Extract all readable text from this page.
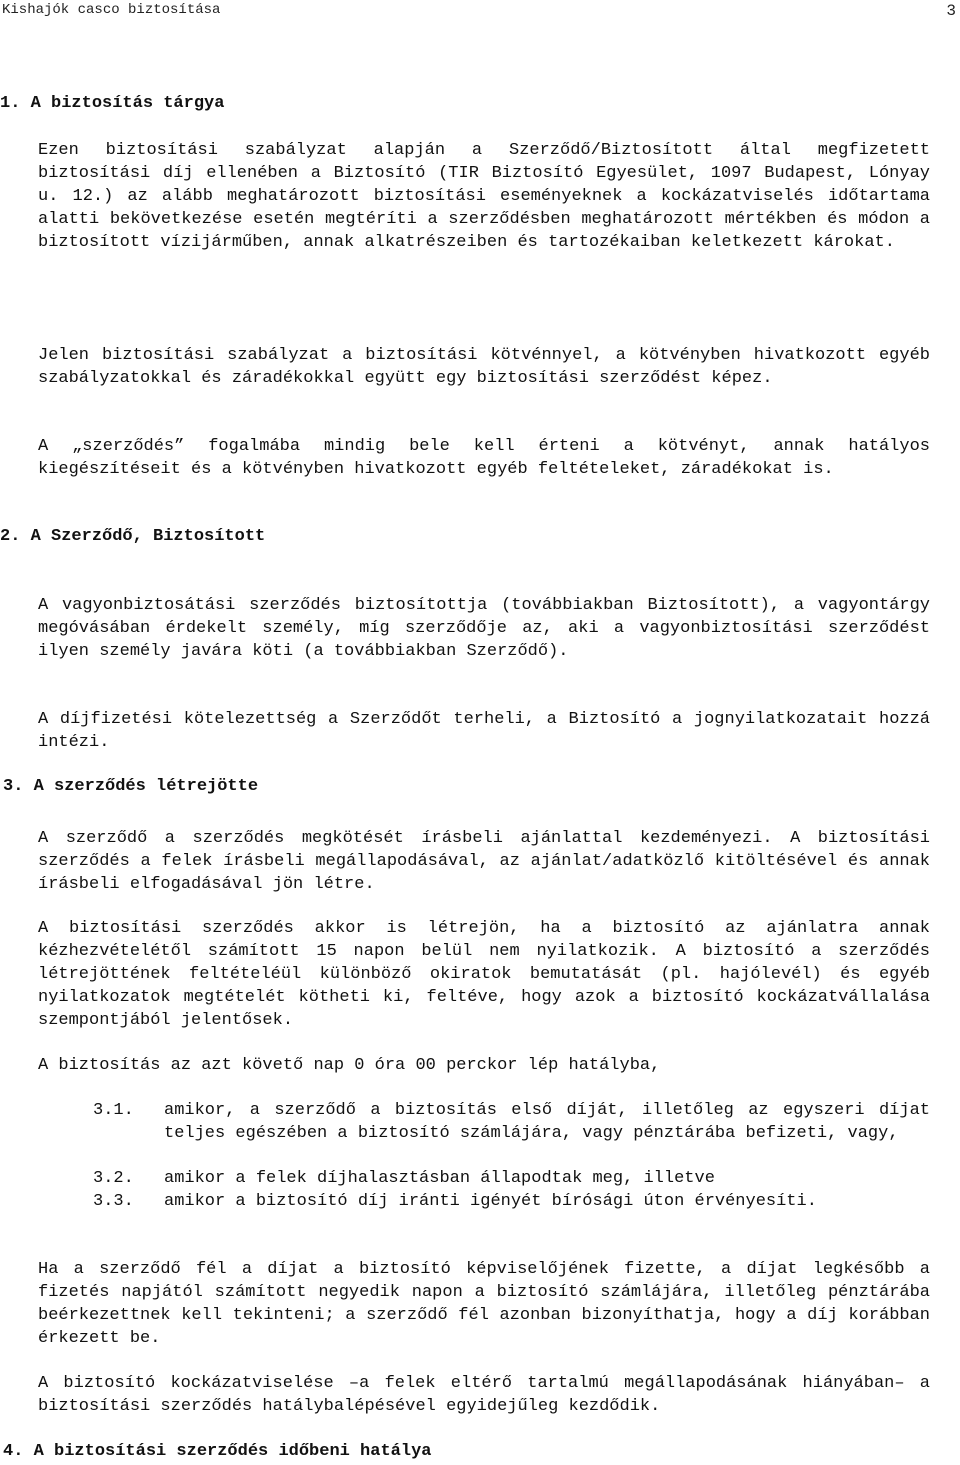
Kishajók casco biztosítása	3
1. A biztosítás tárgya
Ezen biztosítási szabályzat alapján a Szerződő/Biztosított által megfizetett biztosítási díj ellenében a Biztosító (TIR Biztosító Egyesület, 1097 Budapest, Lónyay u. 12.) az alább meghatározott biztosítási eseményeknek a kockázatviselés időtartama alatti bekövetkezése esetén megtéríti a szerződésben meghatározott mértékben és módon a biztosított vízijárműben, annak alkatrészeiben és tartozékaiban keletkezett károkat.
Jelen biztosítási szabályzat a biztosítási kötvénnyel, a kötvényben hivatkozott egyéb szabályzatokkal és záradékokkal együtt egy biztosítási szerződést képez.
A „szerződés” fogalmába mindig bele kell érteni a kötvényt, annak hatályos kiegészítéseit és a kötvényben hivatkozott egyéb feltételeket, záradékokat is.
2. A Szerződő, Biztosított
A vagyonbiztosátási szerződés biztosítottja (továbbiakban Biztosított), a vagyontárgy megóvásában érdekelt személy, míg szerződője az, aki a vagyonbiztosítási szerződést ilyen személy javára köti (a továbbiakban Szerződő).
A díjfizetési kötelezettség a Szerződőt terheli, a Biztosító a jognyilatkozatait hozzá intézi.
3. A szerződés létrejötte
A szerződő a szerződés megkötését írásbeli ajánlattal kezdeményezi. A biztosítási szerződés a felek írásbeli megállapodásával, az ajánlat/adatközlő kitöltésével és annak írásbeli elfogadásával jön létre.
A biztosítási szerződés akkor is létrejön, ha a biztosító az ajánlatra annak kézhezvételétől számított 15 napon belül nem nyilatkozik. A biztosító a szerződés létrejöttének feltételéül különböző okiratok bemutatását (pl. hajólevél) és egyéb nyilatkozatok megtételét kötheti ki, feltéve, hogy azok a biztosító kockázatvállalása szempontjából jelentősek.
A biztosítás az azt követő nap 0 óra 00 perckor lép hatályba,
3.1. amikor, a szerződő a biztosítás első díját, illetőleg az egyszeri díjat teljes egészében a biztosító számlájára, vagy pénztárába befizeti, vagy,
3.2. amikor a felek díjhalasztásban állapodtak meg, illetve
3.3. amikor a biztosító díj iránti igényét bírósági úton érvényesíti.
Ha a szerződő fél a díjat a biztosító képviselőjének fizette, a díjat legkésőbb a fizetés napjától számított negyedik napon a biztosító számlájára, illetőleg pénztárába beérkezettnek kell tekinteni; a szerződő fél azonban bizonyíthatja, hogy a díj korábban érkezett be.
A biztosító kockázatviselése –a felek eltérő tartalmú megállapodásának hiányában– a biztosítási szerződés hatálybalépésével egyidejűleg kezdődik.
4. A biztosítási szerződés időbeni hatálya
